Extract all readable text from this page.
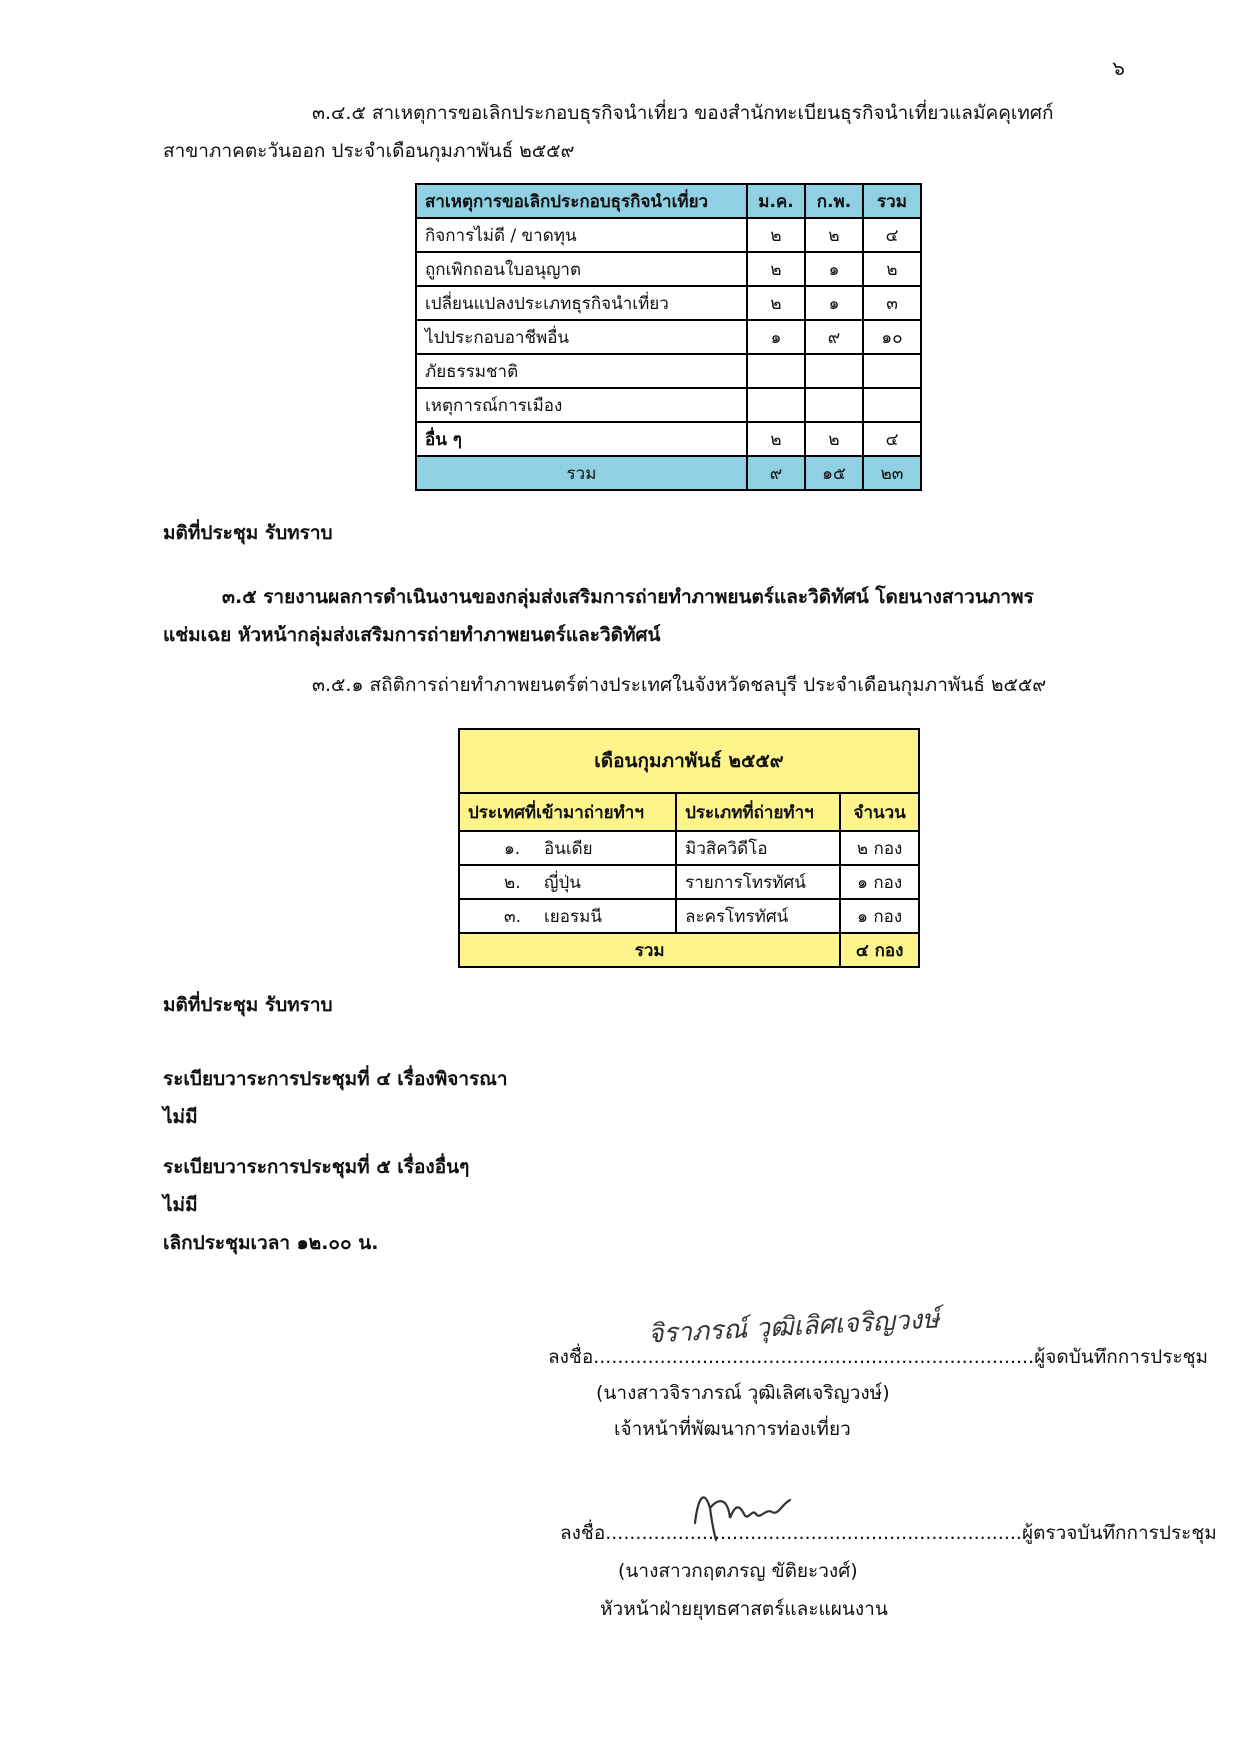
๖
๓.๔.๕ สาเหตุการขอเลิกประกอบธุรกิจนำเที่ยว ของสำนักทะเบียนธุรกิจนำเที่ยวแลมัคคุเทศก์
สาขาภาคตะวันออก ประจำเดือนกุมภาพันธ์ ๒๕๕๙
สาเหตุการขอเลิกประกอบธุรกิจนำเที่ยว	ม.ค.	ก.พ.	รวม
กิจการไม่ดี / ขาดทุน	๒	๒	๔
ถูกเพิกถอนใบอนุญาต	๒	๑	๒
เปลี่ยนแปลงประเภทธุรกิจนำเที่ยว	๒	๑	๓
ไปประกอบอาชีพอื่น	๑	๙	๑๐
ภัยธรรมชาติ			
เหตุการณ์การเมือง			
อื่น ๆ	๒	๒	๔
รวม	๙	๑๕	๒๓
มติที่ประชุม รับทราบ
๓.๕ รายงานผลการดำเนินงานของกลุ่มส่งเสริมการถ่ายทำภาพยนตร์และวิดิทัศน์ โดยนางสาวนภาพร
แช่มเฉย หัวหน้ากลุ่มส่งเสริมการถ่ายทำภาพยนตร์และวิดิทัศน์
๓.๕.๑ สถิติการถ่ายทำภาพยนตร์ต่างประเทศในจังหวัดชลบุรี ประจำเดือนกุมภาพันธ์ ๒๕๕๙
เดือนกุมภาพันธ์ ๒๕๕๙		
ประเทศที่เข้ามาถ่ายทำฯ	ประเภทที่ถ่ายทำฯ	จำนวน
๑. อินเดีย	มิวสิควิดีโอ	๒ กอง
๒. ญี่ปุ่น	รายการโทรทัศน์	๑ กอง
๓. เยอรมนี	ละครโทรทัศน์	๑ กอง
รวม		๔ กอง
มติที่ประชุม รับทราบ
ระเบียบวาระการประชุมที่ ๔ เรื่องพิจารณา
ไม่มี
ระเบียบวาระการประชุมที่ ๕ เรื่องอื่นๆ
ไม่มี
เลิกประชุมเวลา ๑๒.๐๐ น.
จิราภรณ์ วุฒิเลิศเจริญวงษ์
ลงชื่อ.........................................................................ผู้จดบันทึกการประชุม
(นางสาวจิราภรณ์ วุฒิเลิศเจริญวงษ์)
เจ้าหน้าที่พัฒนาการท่องเที่ยว
ลงชื่อ.....................................................................ผู้ตรวจบันทึกการประชุม
(นางสาวกฤตภรญ ขัติยะวงศ์)
หัวหน้าฝ่ายยุทธศาสตร์และแผนงาน
